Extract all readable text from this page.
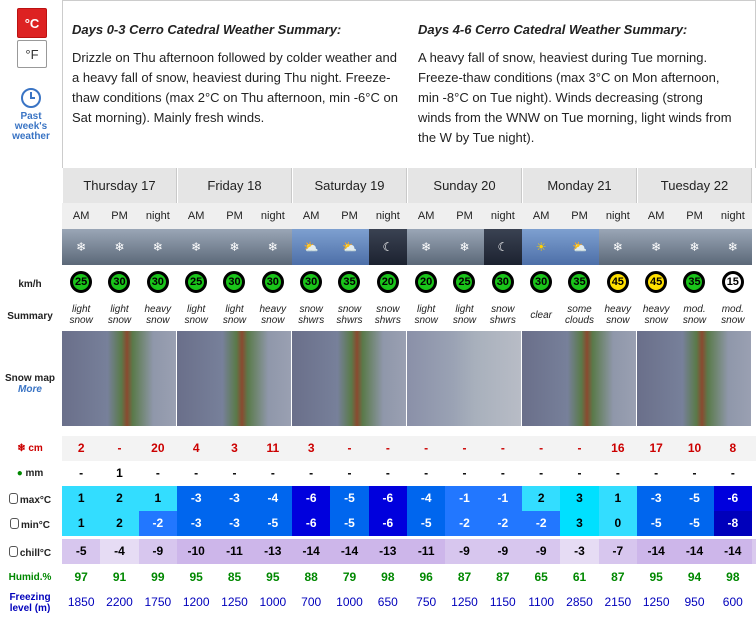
°C
°F
Past week's weather
Days 0-3 Cerro Catedral Weather Summary:
Drizzle on Thu afternoon followed by colder weather and a heavy fall of snow, heaviest during Thu night. Freeze-thaw conditions (max 2°C on Thu afternoon, min -6°C on Sat morning). Mainly fresh winds.
Days 4-6 Cerro Catedral Weather Summary:
A heavy fall of snow, heaviest during Tue morning. Freeze-thaw conditions (max 3°C on Mon afternoon, min -8°C on Tue night). Winds decreasing (strong winds from the WNW on Tue morning, light winds from the W by Tue night).
km/h
Summary
Snow map
More
❄ cm
● mm
max°C
min°C
chill°C
Humid.%
Freezing level (m)
Thursday 17
AM
❄
25
light snow
2
-
1
1
-5
97
1850
PM
❄
30
light snow
-
1
2
2
-4
91
2200
night
❄
30
heavy snow
20
-
1
-2
-9
99
1750
Friday 18
AM
❄
25
light snow
4
-
-3
-3
-10
95
1200
PM
❄
30
light snow
3
-
-3
-3
-11
85
1250
night
❄
30
heavy snow
11
-
-4
-5
-13
95
1000
Saturday 19
AM
⛅
30
snow shwrs
3
-
-6
-6
-14
88
700
PM
⛅
35
snow shwrs
-
-
-5
-5
-14
79
1000
night
☾
20
snow shwrs
-
-
-6
-6
-13
98
650
Sunday 20
AM
❄
20
light snow
-
-
-4
-5
-11
96
750
PM
❄
25
light snow
-
-
-1
-2
-9
87
1250
night
☾
30
snow shwrs
-
-
-1
-2
-9
87
1150
Monday 21
AM
☀
30
clear
-
-
2
-2
-9
65
1100
PM
⛅
35
some clouds
-
-
3
3
-3
61
2850
night
❄
45
heavy snow
16
-
1
0
-7
87
2150
Tuesday 22
AM
❄
45
heavy snow
17
-
-3
-5
-14
95
1250
PM
❄
35
mod. snow
10
-
-5
-5
-14
94
950
night
❄
15
mod. snow
8
-
-6
-8
-14
98
600
